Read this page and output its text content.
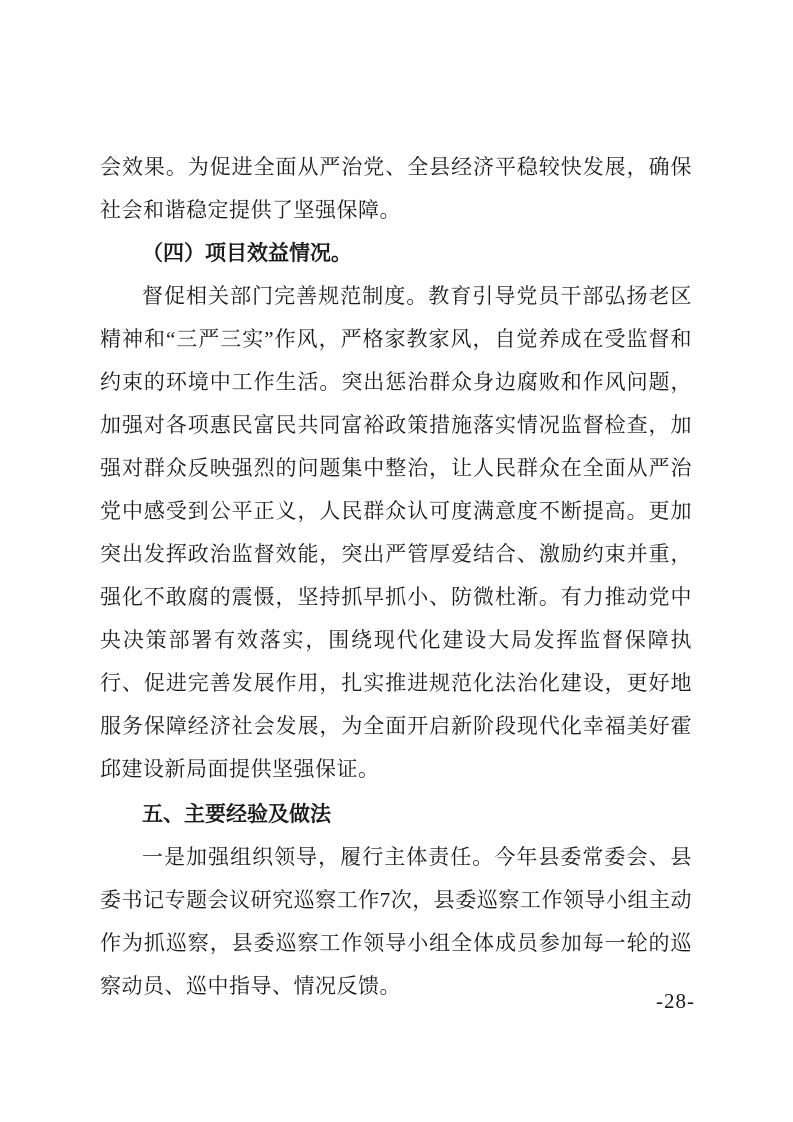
会效果。为促进全面从严治党、全县经济平稳较快发展，确保社会和谐稳定提供了坚强保障。

（四）项目效益情况。

督促相关部门完善规范制度。教育引导党员干部弘扬老区精神和“三严三实”作风，严格家教家风，自觉养成在受监督和约束的环境中工作生活。突出惩治群众身边腐败和作风问题，加强对各项惠民富民共同富裕政策措施落实情况监督检查，加强对群众反映强烈的问题集中整治，让人民群众在全面从严治党中感受到公平正义，人民群众认可度满意度不断提高。更加突出发挥政治监督效能，突出严管厚爱结合、激励约束并重，强化不敢腐的震慑，坚持抓早抓小、防微杜渐。有力推动党中央决策部署有效落实，围绕现代化建设大局发挥监督保障执行、促进完善发展作用，扎实推进规范化法治化建设，更好地服务保障经济社会发展，为全面开启新阶段现代化幸福美好霍邱建设新局面提供坚强保证。

五、主要经验及做法

一是加强组织领导，履行主体责任。今年县委常委会、县委书记专题会议研究巡察工作7次，县委巡察工作领导小组主动作为抓巡察，县委巡察工作领导小组全体成员参加每一轮的巡察动员、巡中指导、情况反馈。

-28-
